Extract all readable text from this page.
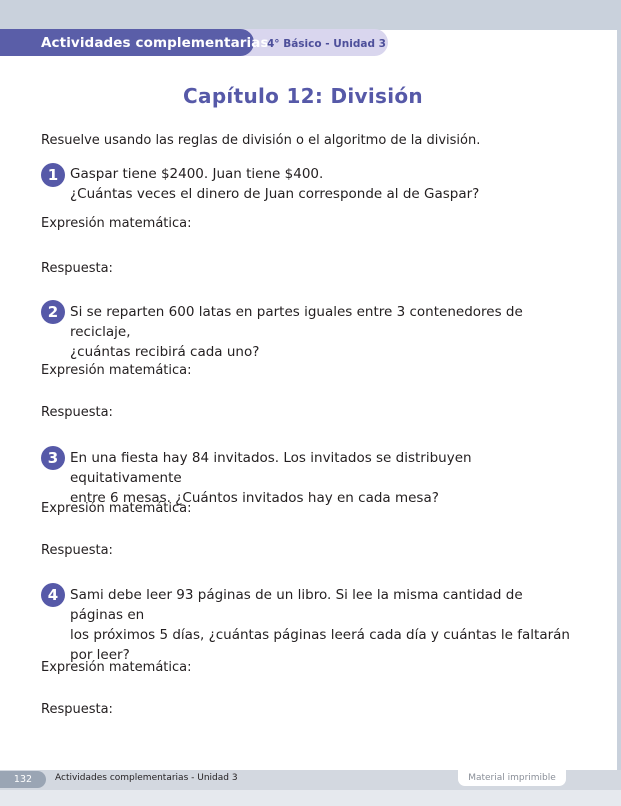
Actividades complementarias
4° Básico - Unidad 3
Capítulo 12: División
Resuelve usando las reglas de división o el algoritmo de la división.
1 Gaspar tiene $2400. Juan tiene $400.
¿Cuántas veces el dinero de Juan corresponde al de Gaspar?
Expresión matemática:
Respuesta:
2 Si se reparten 600 latas en partes iguales entre 3 contenedores de reciclaje,
¿cuántas recibirá cada uno?
Expresión matemática:
Respuesta:
3 En una fiesta hay 84 invitados. Los invitados se distribuyen equitativamente
entre 6 mesas. ¿Cuántos invitados hay en cada mesa?
Expresión matemática:
Respuesta:
4 Sami debe leer 93 páginas de un libro. Si lee la misma cantidad de páginas en
los próximos 5 días, ¿cuántas páginas leerá cada día y cuántas le faltarán
por leer?
Expresión matemática:
Respuesta:
132	Actividades complementarias - Unidad 3	Material imprimible
